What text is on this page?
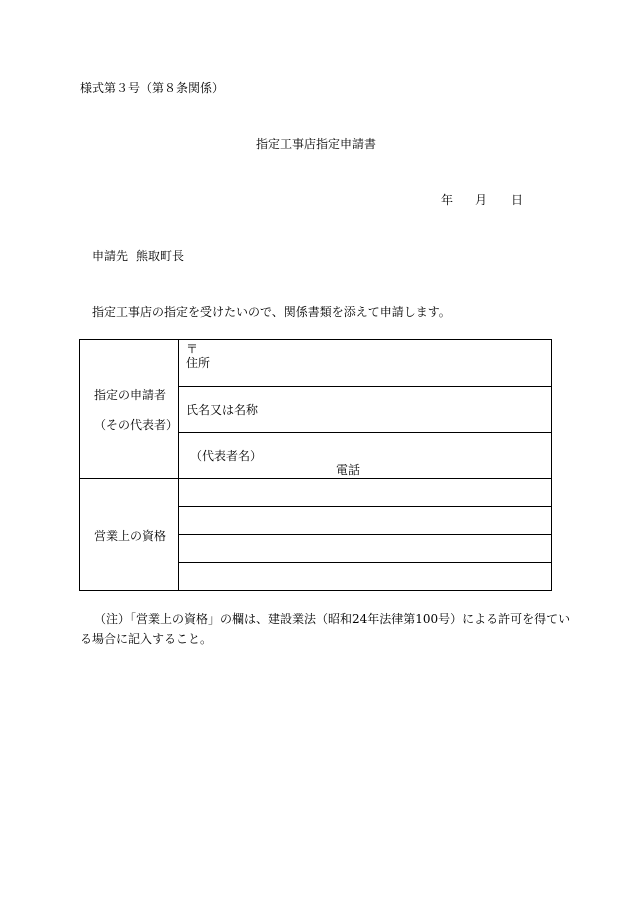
様式第３号（第８条関係）
指定工事店指定申請書
年 月 日
申請先 熊取町長
指定工事店の指定を受けたいので、関係書類を添えて申請します。
指定の申請者
（その代表者）
〒
住所
氏名又は名称
（代表者名）
電話
営業上の資格
（注）「営業上の資格」の欄は、建設業法（昭和24年法律第100号）による許可を得てい
る場合に記入すること。
